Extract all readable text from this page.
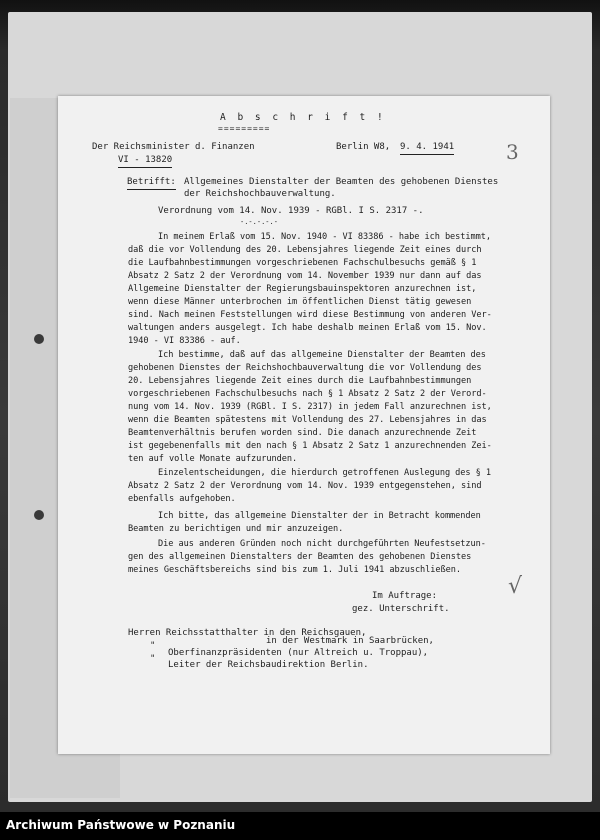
A b s c h r i f t !
=========
Der Reichsminister d. Finanzen	Berlin W8, 9. 4. 1941
VI - 13820	3
Betrifft: Allgemeines Dienstalter der Beamten des gehobenen Dienstes
der Reichshochbauverwaltung.
Verordnung vom 14. Nov. 1939 - RGBl. I S. 2317 -.
-.-.-.-.-
In meinem Erlaß vom 15. Nov. 1940 - VI 83386 - habe ich bestimmt,
daß die vor Vollendung des 20. Lebensjahres liegende Zeit eines durch
die Laufbahnbestimmungen vorgeschriebenen Fachschulbesuchs gemäß § 1
Absatz 2 Satz 2 der Verordnung vom 14. November 1939 nur dann auf das
Allgemeine Dienstalter der Regierungsbauinspektoren anzurechnen ist,
wenn diese Männer unterbrochen im öffentlichen Dienst tätig gewesen
sind. Nach meinen Feststellungen wird diese Bestimmung von anderen Ver-
waltungen anders ausgelegt. Ich habe deshalb meinen Erlaß vom 15. Nov.
1940 - VI 83386 - auf.
Ich bestimme, daß auf das allgemeine Dienstalter der Beamten des
gehobenen Dienstes der Reichshochbauverwaltung die vor Vollendung des
20. Lebensjahres liegende Zeit eines durch die Laufbahnbestimmungen
vorgeschriebenen Fachschulbesuchs nach § 1 Absatz 2 Satz 2 der Verord-
nung vom 14. Nov. 1939 (RGBl. I S. 2317) in jedem Fall anzurechnen ist,
wenn die Beamten spätestens mit Vollendung des 27. Lebensjahres in das
Beamtenverhältnis berufen worden sind. Die danach anzurechnende Zeit
ist gegebenenfalls mit den nach § 1 Absatz 2 Satz 1 anzurechnenden Zei-
ten auf volle Monate aufzurunden.
Einzelentscheidungen, die hierdurch getroffenen Auslegung des § 1
Absatz 2 Satz 2 der Verordnung vom 14. Nov. 1939 entgegenstehen, sind
ebenfalls aufgehoben.
Ich bitte, das allgemeine Dienstalter der in Betracht kommenden
Beamten zu berichtigen und mir anzuzeigen.
Die aus anderen Gründen noch nicht durchgeführten Neufestsetzun-
gen des allgemeinen Dienstalters der Beamten des gehobenen Dienstes
meines Geschäftsbereichs sind bis zum 1. Juli 1941 abzuschließen.
√
Im Auftrage:
gez. Unterschrift.
Herren Reichsstatthalter in den Reichsgauen,
in der Westmark in Saarbrücken,
"
Oberfinanzpräsidenten (nur Altreich u. Troppau),
"
Leiter der Reichsbaudirektion Berlin.
Archiwum Państwowe w Poznaniu
